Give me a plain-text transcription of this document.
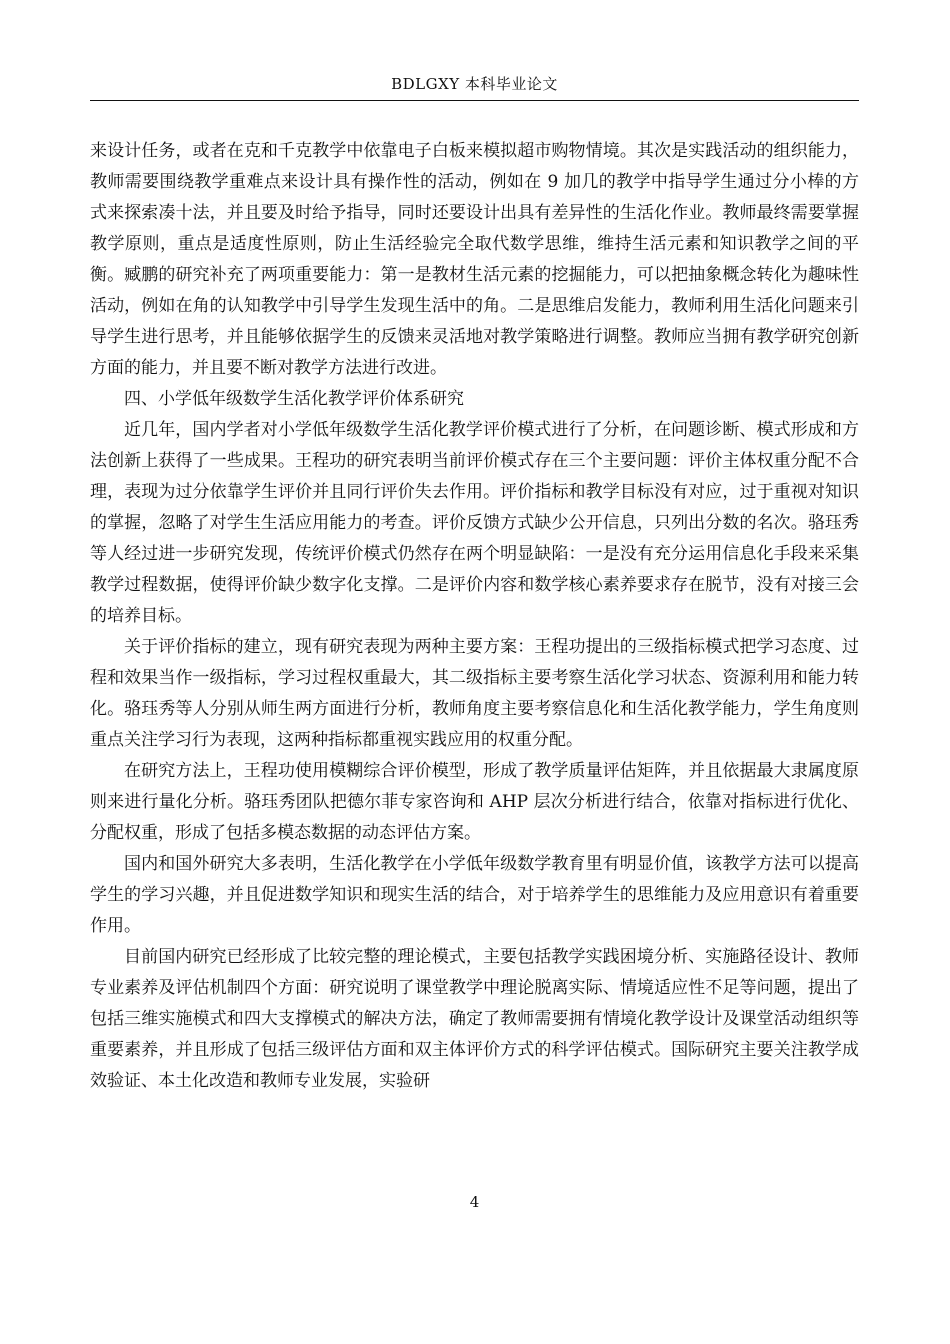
BDLGXY 本科毕业论文

来设计任务，或者在克和千克教学中依靠电子白板来模拟超市购物情境。其次是实践活动的组织能力，教师需要围绕教学重难点来设计具有操作性的活动，例如在 9 加几的教学中指导学生通过分小棒的方式来探索凑十法，并且要及时给予指导，同时还要设计出具有差异性的生活化作业。教师最终需要掌握教学原则，重点是适度性原则，防止生活经验完全取代数学思维，维持生活元素和知识教学之间的平衡。臧鹏的研究补充了两项重要能力：第一是教材生活元素的挖掘能力，可以把抽象概念转化为趣味性活动，例如在角的认知教学中引导学生发现生活中的角。二是思维启发能力，教师利用生活化问题来引导学生进行思考，并且能够依据学生的反馈来灵活地对教学策略进行调整。教师应当拥有教学研究创新方面的能力，并且要不断对教学方法进行改进。

四、小学低年级数学生活化教学评价体系研究

近几年，国内学者对小学低年级数学生活化教学评价模式进行了分析，在问题诊断、模式形成和方法创新上获得了一些成果。王程功的研究表明当前评价模式存在三个主要问题：评价主体权重分配不合理，表现为过分依靠学生评价并且同行评价失去作用。评价指标和教学目标没有对应，过于重视对知识的掌握，忽略了对学生生活应用能力的考查。评价反馈方式缺少公开信息，只列出分数的名次。骆珏秀等人经过进一步研究发现，传统评价模式仍然存在两个明显缺陷：一是没有充分运用信息化手段来采集教学过程数据，使得评价缺少数字化支撑。二是评价内容和数学核心素养要求存在脱节，没有对接三会的培养目标。

关于评价指标的建立，现有研究表现为两种主要方案：王程功提出的三级指标模式把学习态度、过程和效果当作一级指标，学习过程权重最大，其二级指标主要考察生活化学习状态、资源利用和能力转化。骆珏秀等人分别从师生两方面进行分析，教师角度主要考察信息化和生活化教学能力，学生角度则重点关注学习行为表现，这两种指标都重视实践应用的权重分配。

在研究方法上，王程功使用模糊综合评价模型，形成了教学质量评估矩阵，并且依据最大隶属度原则来进行量化分析。骆珏秀团队把德尔菲专家咨询和 AHP 层次分析进行结合，依靠对指标进行优化、分配权重，形成了包括多模态数据的动态评估方案。

国内和国外研究大多表明，生活化教学在小学低年级数学教育里有明显价值，该教学方法可以提高学生的学习兴趣，并且促进数学知识和现实生活的结合，对于培养学生的思维能力及应用意识有着重要作用。

目前国内研究已经形成了比较完整的理论模式，主要包括教学实践困境分析、实施路径设计、教师专业素养及评估机制四个方面：研究说明了课堂教学中理论脱离实际、情境适应性不足等问题，提出了包括三维实施模式和四大支撑模式的解决方法，确定了教师需要拥有情境化教学设计及课堂活动组织等重要素养，并且形成了包括三级评估方面和双主体评价方式的科学评估模式。国际研究主要关注教学成效验证、本土化改造和教师专业发展，实验研

4
